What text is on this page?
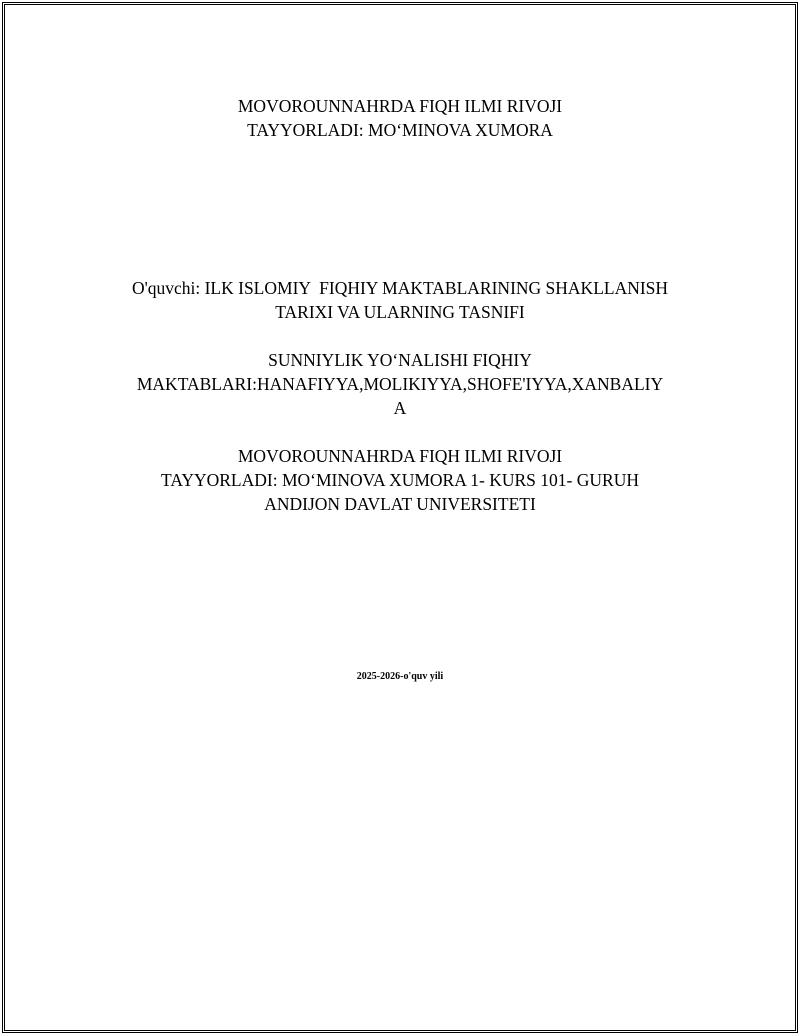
MOVOROUNNAHRDA FIQH ILMI RIVOJI
TAYYORLADI: MO‘MINOVA XUMORA
O'quvchi: ILK ISLOMIY  FIQHIY MAKTABLARINING SHAKLLANISH
TARIXI VA ULARNING TASNIFI
SUNNIYLIK YO‘NALISHI FIQHIY
MAKTABLARI:HANAFIYYA,MOLIKIYYA,SHOFE'IYYA,XANBALIY
A
MOVOROUNNAHRDA FIQH ILMI RIVOJI
TAYYORLADI: MO‘MINOVA XUMORA 1- KURS 101- GURUH
ANDIJON DAVLAT UNIVERSITETI
2025-2026-o'quv yili
